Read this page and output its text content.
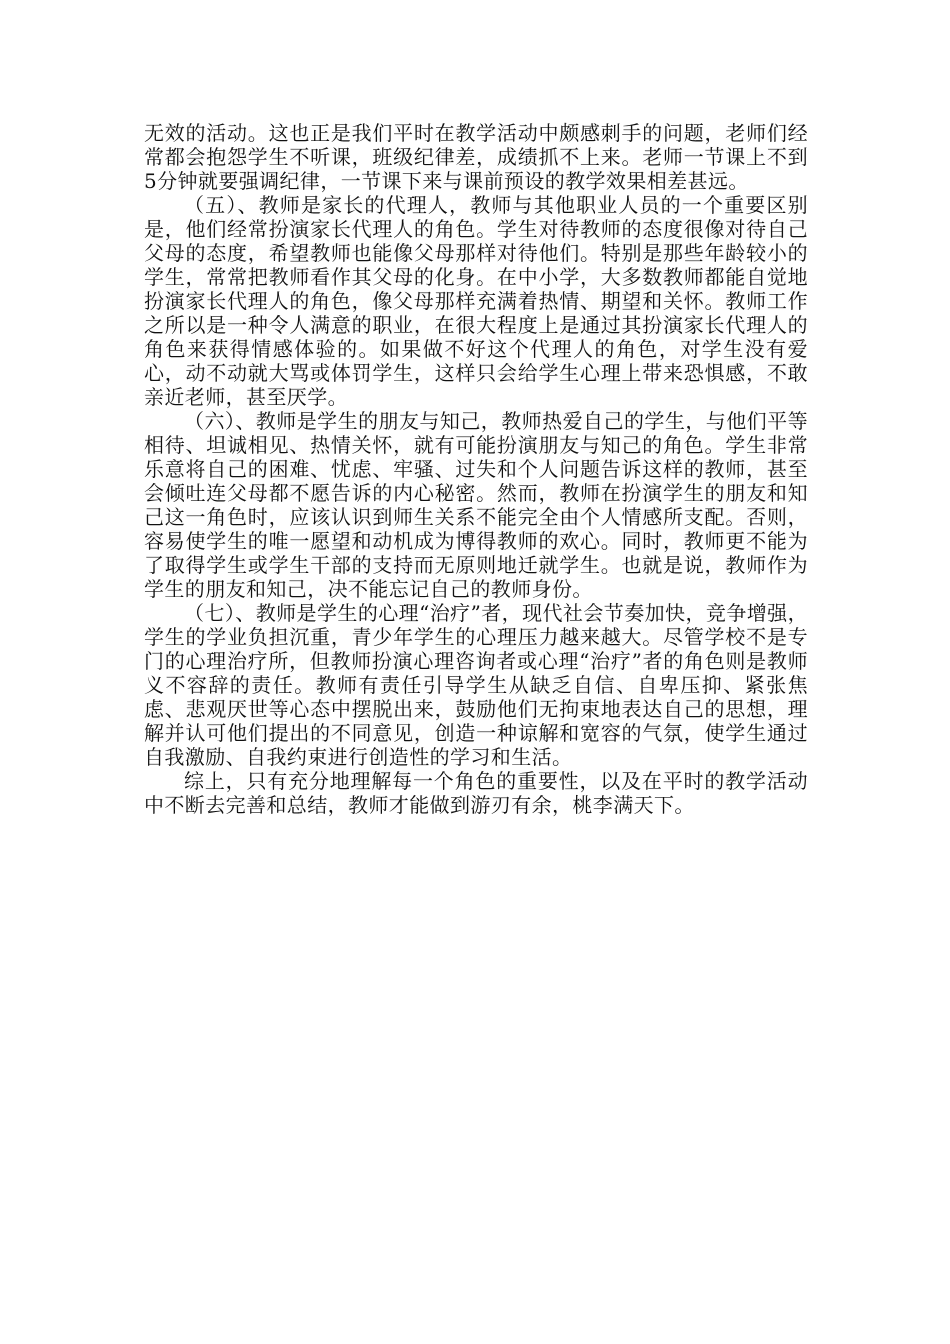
无效的活动。这也正是我们平时在教学活动中颇感刺手的问题，老师们经常都会抱怨学生不听课，班级纪律差，成绩抓不上来。老师一节课上不到5分钟就要强调纪律，一节课下来与课前预设的教学效果相差甚远。

（五）、教师是家长的代理人，教师与其他职业人员的一个重要区别是，他们经常扮演家长代理人的角色。学生对待教师的态度很像对待自己父母的态度，希望教师也能像父母那样对待他们。特别是那些年龄较小的学生，常常把教师看作其父母的化身。在中小学，大多数教师都能自觉地扮演家长代理人的角色，像父母那样充满着热情、期望和关怀。教师工作之所以是一种令人满意的职业，在很大程度上是通过其扮演家长代理人的角色来获得情感体验的。如果做不好这个代理人的角色，对学生没有爱心，动不动就大骂或体罚学生，这样只会给学生心理上带来恐惧感，不敢亲近老师，甚至厌学。

（六）、教师是学生的朋友与知己，教师热爱自己的学生，与他们平等相待、坦诚相见、热情关怀，就有可能扮演朋友与知己的角色。学生非常乐意将自己的困难、忧虑、牢骚、过失和个人问题告诉这样的教师，甚至会倾吐连父母都不愿告诉的内心秘密。然而，教师在扮演学生的朋友和知己这一角色时，应该认识到师生关系不能完全由个人情感所支配。否则，容易使学生的唯一愿望和动机成为博得教师的欢心。同时，教师更不能为了取得学生或学生干部的支持而无原则地迁就学生。也就是说，教师作为学生的朋友和知己，决不能忘记自己的教师身份。

（七）、教师是学生的心理“治疗”者，现代社会节奏加快，竞争增强，学生的学业负担沉重，青少年学生的心理压力越来越大。尽管学校不是专门的心理治疗所，但教师扮演心理咨询者或心理“治疗”者的角色则是教师义不容辞的责任。教师有责任引导学生从缺乏自信、自卑压抑、紧张焦虑、悲观厌世等心态中摆脱出来，鼓励他们无拘束地表达自己的思想，理解并认可他们提出的不同意见，创造一种谅解和宽容的气氛，使学生通过自我激励、自我约束进行创造性的学习和生活。

综上，只有充分地理解每一个角色的重要性，以及在平时的教学活动中不断去完善和总结，教师才能做到游刃有余，桃李满天下。
